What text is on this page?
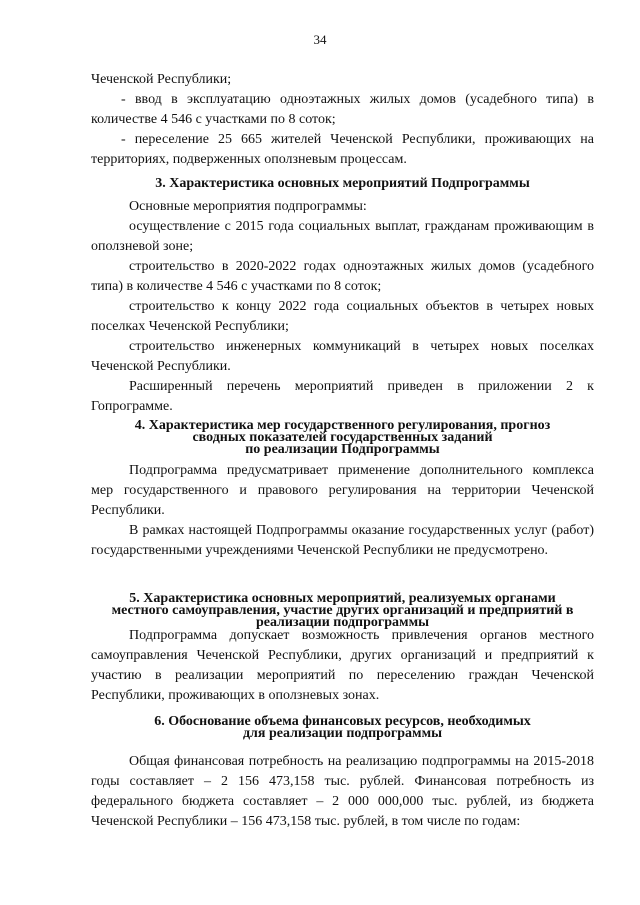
34

Чеченской Республики;

- ввод в эксплуатацию одноэтажных жилых домов (усадебного типа) в количестве 4 546 с участками по 8 соток;

- переселение 25 665 жителей Чеченской Республики, проживающих на территориях, подверженных оползневым процессам.

3. Характеристика основных мероприятий Подпрограммы

Основные мероприятия подпрограммы:

осуществление с 2015 года социальных выплат, гражданам проживающим в оползневой зоне;

строительство в 2020-2022 годах одноэтажных жилых домов (усадебного типа) в количестве 4 546 с участками по 8 соток;

строительство к концу 2022 года социальных объектов в четырех новых поселках Чеченской Республики;

строительство инженерных коммуникаций в четырех новых поселках Чеченской Республики.

Расширенный перечень мероприятий приведен в приложении 2 к Гопрограмме.

4. Характеристика мер государственного регулирования, прогноз
сводных показателей государственных заданий
по реализации Подпрограммы

Подпрограмма предусматривает применение дополнительного комплекса мер государственного и правового регулирования на территории Чеченской Республики.

В рамках настоящей Подпрограммы оказание государственных услуг (работ) государственными учреждениями Чеченской Республики не предусмотрено.

5. Характеристика основных мероприятий, реализуемых органами
местного самоуправления, участие других организаций и предприятий в
реализации подпрограммы

Подпрограмма допускает возможность привлечения органов местного самоуправления Чеченской Республики, других организаций и предприятий к участию в реализации мероприятий по переселению граждан Чеченской Республики, проживающих в оползневых зонах.

6. Обоснование объема финансовых ресурсов, необходимых
для реализации подпрограммы

Общая финансовая потребность на реализацию подпрограммы на 2015-2018 годы составляет – 2 156 473,158 тыс. рублей. Финансовая потребность из федерального бюджета составляет – 2 000 000,000 тыс. рублей, из бюджета Чеченской Республики – 156 473,158 тыс. рублей, в том числе по годам:
